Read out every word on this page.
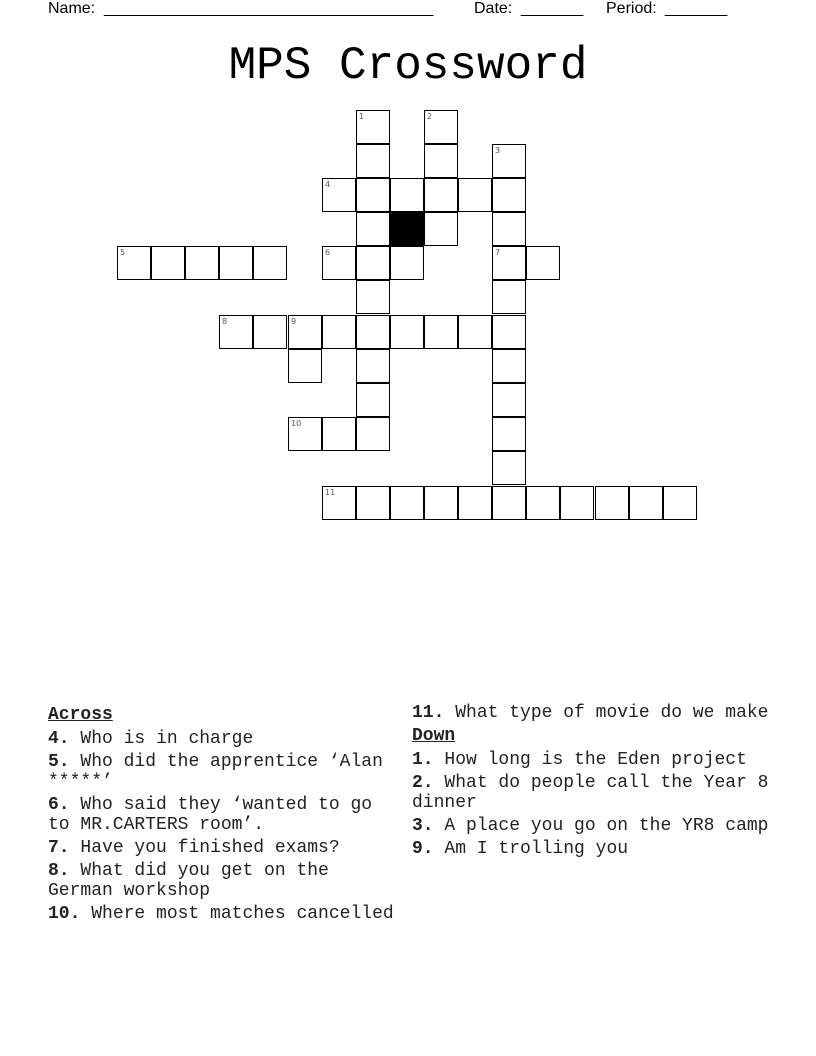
Name: _____________________________________	Date: _______ Period: _______
MPS Crossword
1	2
3
4
5	6	7
8	9
10
11
Across
4. Who is in charge
5. Who did the apprentice ‘Alan *****’
6. Who said they ‘wanted to go to MR.CARTERS room’.
7. Have you finished exams?
8. What did you get on the German workshop
10. Where most matches cancelled
11. What type of movie do we make
Down
1. How long is the Eden project
2. What do people call the Year 8 dinner
3. A place you go on the YR8 camp
9. Am I trolling you
